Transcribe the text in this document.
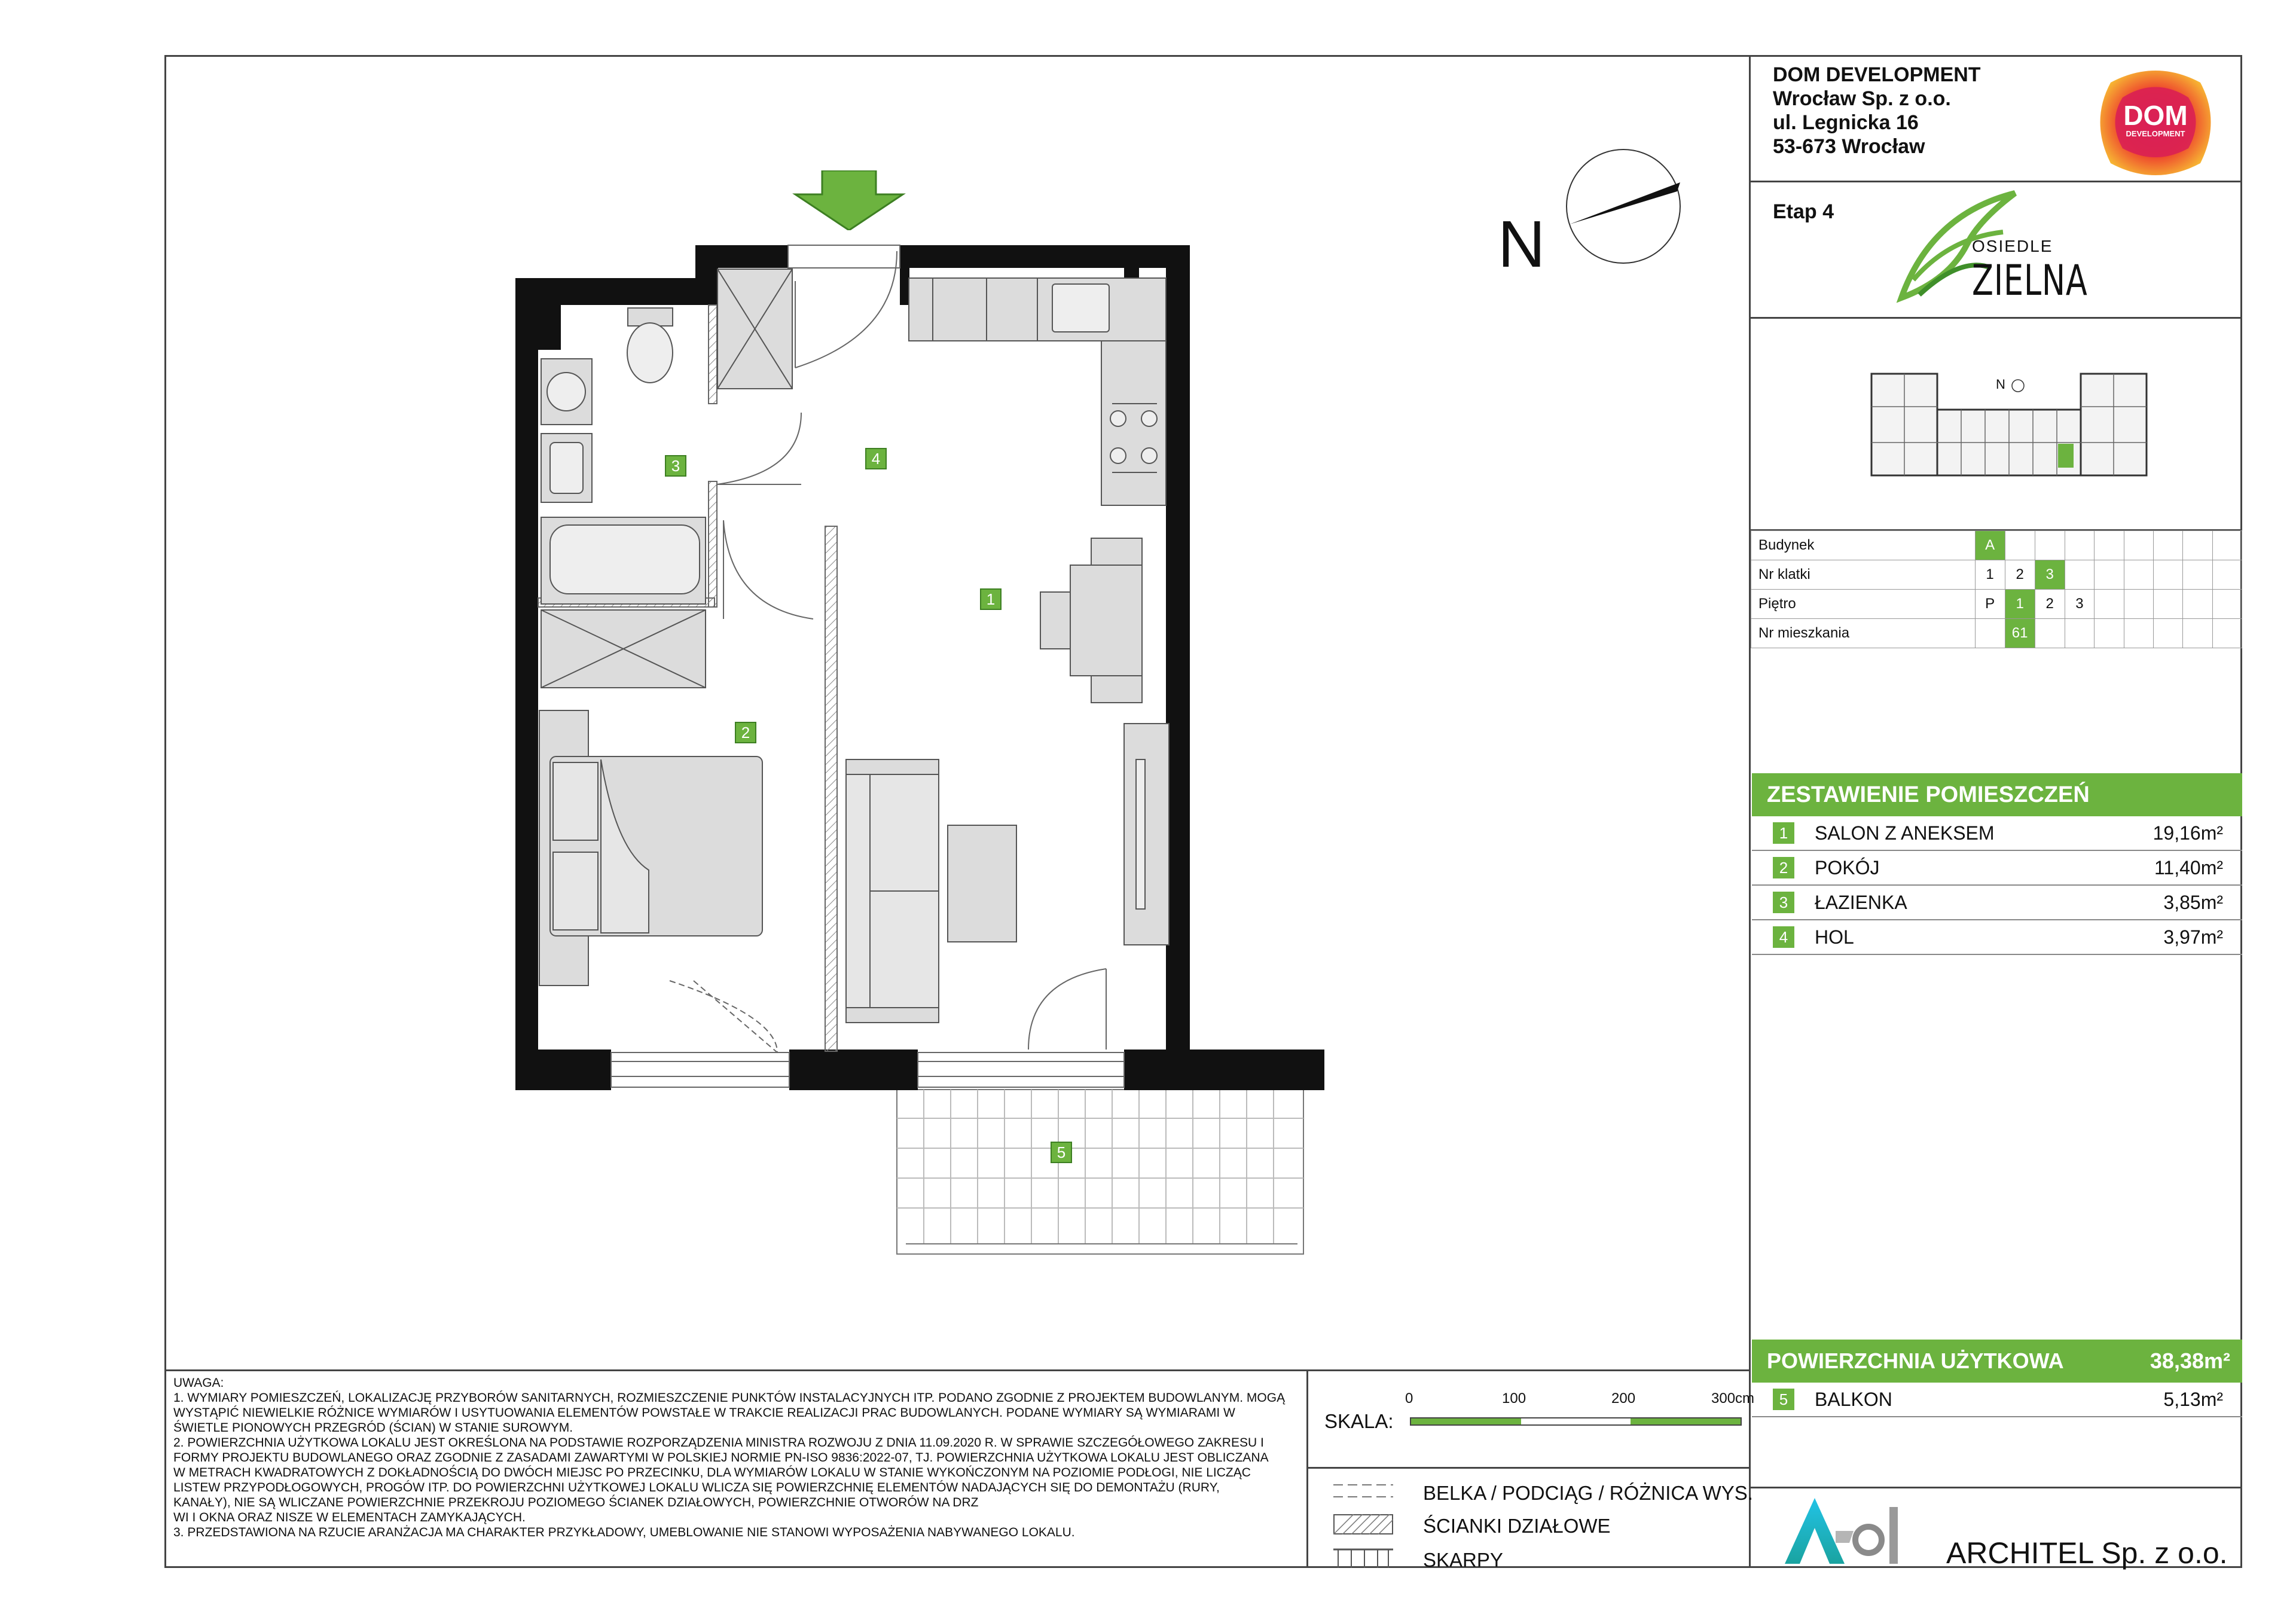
DOM DEVELOPMENT
Wrocław Sp. z o.o.
ul. Legnicka 16
53-673 Wrocław
DOM
DEVELOPMENT
Etap 4
OSIEDLE
ZIELNA
N
Budynek	A								
Nr klatki	1	2	3						
Piętro	P	1	2	3					
Nr mieszkania		61							
ZESTAWIENIE POMIESZCZEŃ
1	SALON Z ANEKSEM	19,16m²
2	POKÓJ	11,40m²
3	ŁAZIENKA	3,85m²
4	HOL	3,97m²
POWIERZCHNIA UŻYTKOWA	38,38m²
5	BALKON	5,13m²
ARCHITEL Sp. z o.o.
UWAGA:
1. WYMIARY POMIESZCZEŃ, LOKALIZACJĘ PRZYBORÓW SANITARNYCH, ROZMIESZCZENIE PUNKTÓW INSTALACYJNYCH ITP. PODANO ZGODNIE Z PROJEKTEM BUDOWLANYM. MOGĄ
WYSTĄPIĆ NIEWIELKIE RÓŻNICE WYMIARÓW I USYTUOWANIA ELEMENTÓW POWSTAŁE W TRAKCIE REALIZACJI PRAC BUDOWLANYCH. PODANE WYMIARY SĄ WYMIARAMI W
ŚWIETLE PIONOWYCH PRZEGRÓD (ŚCIAN) W STANIE SUROWYM.
2. POWIERZCHNIA UŻYTKOWA LOKALU JEST OKREŚLONA NA PODSTAWIE ROZPORZĄDZENIA MINISTRA ROZWOJU Z DNIA 11.09.2020 R. W SPRAWIE SZCZEGÓŁOWEGO ZAKRESU I
FORMY PROJEKTU BUDOWLANEGO ORAZ ZGODNIE Z ZASADAMI ZAWARTYMI W POLSKIEJ NORMIE PN-ISO 9836:2022-07, TJ. POWIERZCHNIA UŻYTKOWA LOKALU JEST OBLICZANA
W METRACH KWADRATOWYCH Z DOKŁADNOŚCIĄ DO DWÓCH MIEJSC PO PRZECINKU, DLA WYMIARÓW LOKALU W STANIE WYKOŃCZONYM NA POZIOMIE PODŁOGI, NIE LICZĄC
LISTEW PRZYPODŁOGOWYCH, PROGÓW ITP. DO POWIERZCHNI UŻYTKOWEJ LOKALU WLICZA SIĘ POWIERZCHNIĘ ELEMENTÓW NADAJĄCYCH SIĘ DO DEMONTAŻU (RURY,
KANAŁY), NIE SĄ WLICZANE POWIERZCHNIE PRZEKROJU POZIOMEGO ŚCIANEK DZIAŁOWYCH, POWIERZCHNIE OTWORÓW NA DRZ
WI I OKNA ORAZ NISZE W ELEMENTACH ZAMYKAJĄCYCH.
3. PRZEDSTAWIONA NA RZUCIE ARANŻACJA MA CHARAKTER PRZYKŁADOWY, UMEBLOWANIE NIE STANOWI WYPOSAŻENIA NABYWANEGO LOKALU.
SKALA:
0	100	200	300cm
BELKA / PODCIĄG / RÓŻNICA WYS.
ŚCIANKI DZIAŁOWE
SKARPY
N
1
2
3	4
5
